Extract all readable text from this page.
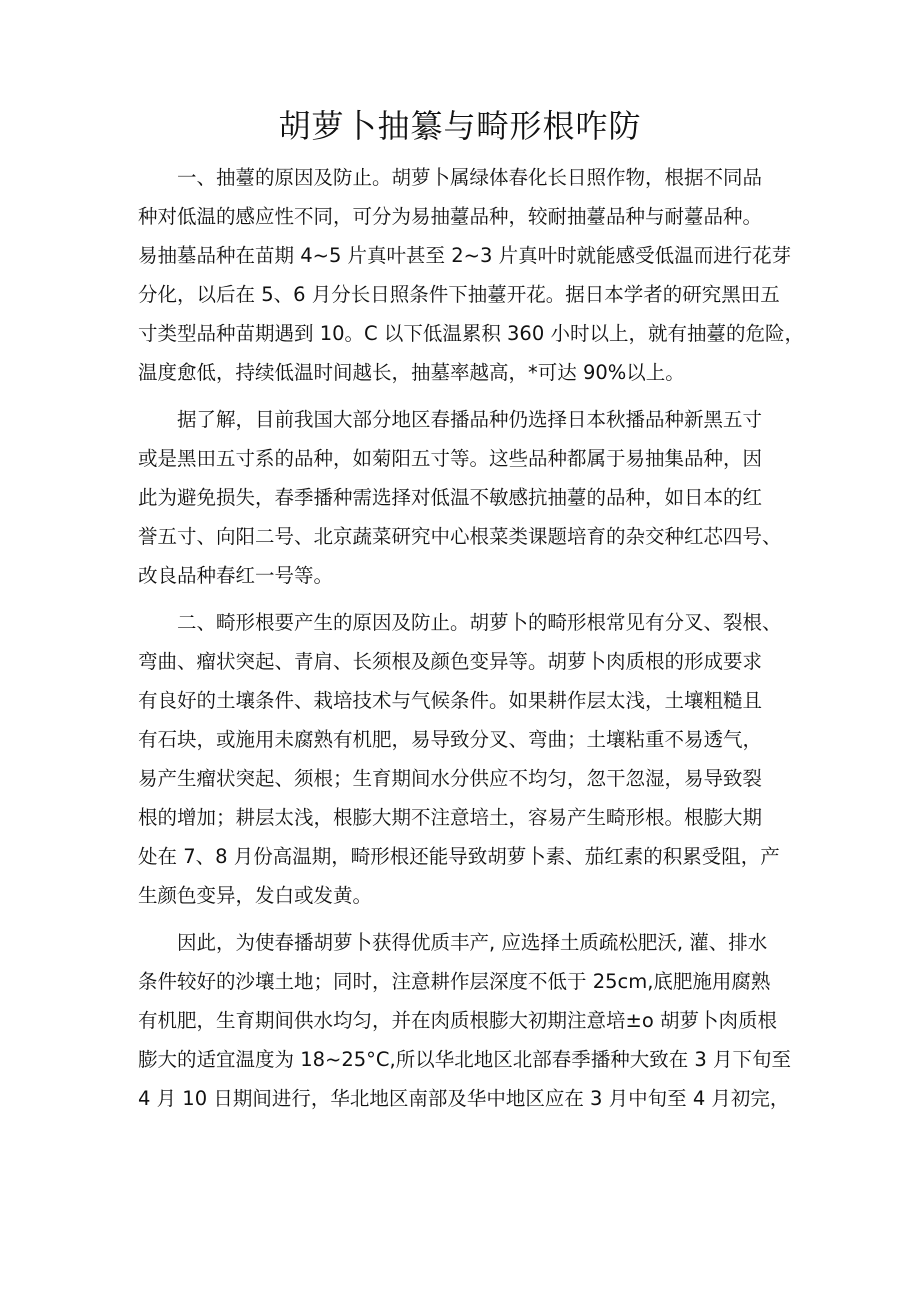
胡萝卜抽纂与畸形根咋防

一、抽薹的原因及防止。胡萝卜属绿体春化长日照作物，根据不同品
种对低温的感应性不同，可分为易抽薹品种，较耐抽薹品种与耐薹品种。
易抽墓品种在苗期 4~5 片真叶甚至 2~3 片真叶时就能感受低温而进行花芽
分化，以后在 5、6 月分长日照条件下抽薹开花。据日本学者的研究黑田五
寸类型品种苗期遇到 10。C 以下低温累积 360 小时以上，就有抽薹的危险，
温度愈低，持续低温时间越长，抽墓率越高，*可达 90%以上。

据了解，目前我国大部分地区春播品种仍选择日本秋播品种新黑五寸
或是黑田五寸系的品种，如菊阳五寸等。这些品种都属于易抽集品种，因
此为避免损失，春季播种需选择对低温不敏感抗抽薹的品种，如日本的红
誉五寸、向阳二号、北京蔬菜研究中心根菜类课题培育的杂交种红芯四号、
改良品种春红一号等。

二、畸形根要产生的原因及防止。胡萝卜的畸形根常见有分叉、裂根、
弯曲、瘤状突起、青肩、长须根及颜色变异等。胡萝卜肉质根的形成要求
有良好的土壤条件、栽培技术与气候条件。如果耕作层太浅，土壤粗糙且
有石块，或施用未腐熟有机肥，易导致分叉、弯曲；土壤粘重不易透气，
易产生瘤状突起、须根；生育期间水分供应不均匀，忽干忽湿，易导致裂
根的增加；耕层太浅，根膨大期不注意培土，容易产生畸形根。根膨大期
处在 7、8 月份高温期，畸形根还能导致胡萝卜素、茄红素的积累受阻，产
生颜色变异，发白或发黄。

因此，为使春播胡萝卜获得优质丰产, 应选择土质疏松肥沃, 灌、排水
条件较好的沙壤土地；同时，注意耕作层深度不低于 25cm,底肥施用腐熟
有机肥，生育期间供水均匀，并在肉质根膨大初期注意培±o 胡萝卜肉质根
膨大的适宜温度为 18~25°C,所以华北地区北部春季播种大致在 3 月下旬至
4 月 10 日期间进行，华北地区南部及华中地区应在 3 月中旬至 4 月初完，
